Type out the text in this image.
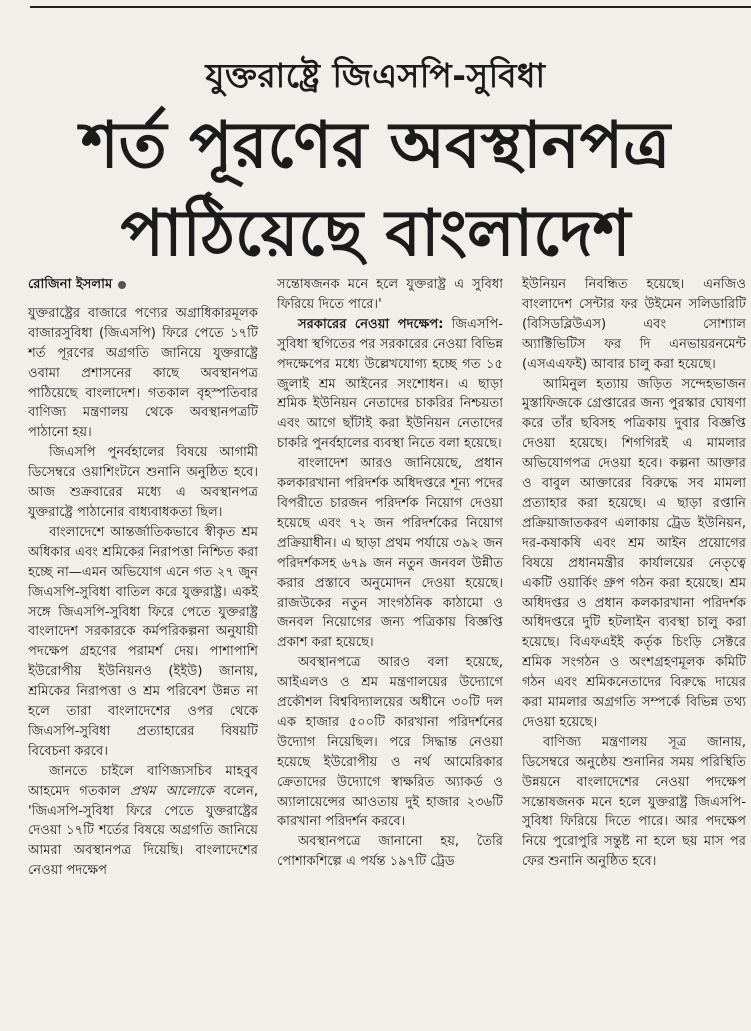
যুক্তরাষ্ট্রে জিএসপি-সুবিধা
শর্ত পূরণের অবস্থানপত্র
পাঠিয়েছে বাংলাদেশ
রোজিনা ইসলাম

যুক্তরাষ্ট্রের বাজারে পণ্যের অগ্রাধিকারমূলক বাজারসুবিধা (জিএসপি) ফিরে পেতে ১৭টি শর্ত পূরণের অগ্রগতি জানিয়ে যুক্তরাষ্ট্রে ওবামা প্রশাসনের কাছে অবস্থানপত্র পাঠিয়েছে বাংলাদেশ। গতকাল বৃহস্পতিবার বাণিজ্য মন্ত্রণালয় থেকে অবস্থানপত্রটি পাঠানো হয়।

জিএসপি পুনর্বহালের বিষয়ে আগামী ডিসেম্বরে ওয়াশিংটনে শুনানি অনুষ্ঠিত হবে। আজ শুক্রবারের মধ্যে এ অবস্থানপত্র যুক্তরাষ্ট্রে পাঠানোর বাধ্যবাধকতা ছিল।

বাংলাদেশে আন্তর্জাতিকভাবে স্বীকৃত শ্রম অধিকার এবং শ্রমিকের নিরাপত্তা নিশ্চিত করা হচ্ছে না—এমন অভিযোগ এনে গত ২৭ জুন জিএসপি-সুবিধা বাতিল করে যুক্তরাষ্ট্র। একই সঙ্গে জিএসপি-সুবিধা ফিরে পেতে যুক্তরাষ্ট্র বাংলাদেশ সরকারকে কর্মপরিকল্পনা অনুযায়ী পদক্ষেপ গ্রহণের পরামর্শ দেয়। পাশাপাশি ইউরোপীয় ইউনিয়নও (ইইউ) জানায়, শ্রমিকের নিরাপত্তা ও শ্রম পরিবেশ উন্নত না হলে তারা বাংলাদেশের ওপর থেকে জিএসপি-সুবিধা প্রত্যাহারের বিষয়টি বিবেচনা করবে।

জানতে চাইলে বাণিজ্যসচিব মাহবুব আহমেদ গতকাল প্রথম আলোকে বলেন, 'জিএসপি-সুবিধা ফিরে পেতে যুক্তরাষ্ট্রের দেওয়া ১৭টি শর্তের বিষয়ে অগ্রগতি জানিয়ে আমরা অবস্থানপত্র দিয়েছি। বাংলাদেশের নেওয়া পদক্ষেপ

সন্তোষজনক মনে হলে যুক্তরাষ্ট্র এ সুবিধা ফিরিয়ে দিতে পারে।'

সরকারের নেওয়া পদক্ষেপ: জিএসপি-সুবিধা স্থগিতের পর সরকারের নেওয়া বিভিন্ন পদক্ষেপের মধ্যে উল্লেখযোগ্য হচ্ছে গত ১৫ জুলাই শ্রম আইনের সংশোধন। এ ছাড়া শ্রমিক ইউনিয়ন নেতাদের চাকরির নিশ্চয়তা এবং আগে ছাঁটাই করা ইউনিয়ন নেতাদের চাকরি পুনর্বহালের ব্যবস্থা নিতে বলা হয়েছে।

বাংলাদেশ আরও জানিয়েছে, প্রধান কলকারখানা পরিদর্শক অধিদপ্তরে শূন্য পদের বিপরীতে চারজন পরিদর্শক নিয়োগ দেওয়া হয়েছে এবং ৭২ জন পরিদর্শকের নিয়োগ প্রক্রিয়াধীন। এ ছাড়া প্রথম পর্যায়ে ৩৯২ জন পরিদর্শকসহ ৬৭৯ জন নতুন জনবল উন্নীত করার প্রস্তাবে অনুমোদন দেওয়া হয়েছে। রাজউকের নতুন সাংগঠনিক কাঠামো ও জনবল নিয়োগের জন্য পত্রিকায় বিজ্ঞপ্তি প্রকাশ করা হয়েছে।

অবস্থানপত্রে আরও বলা হয়েছে, আইএলও ও শ্রম মন্ত্রণালয়ের উদ্যোগে প্রকৌশল বিশ্ববিদ্যালয়ের অধীনে ৩০টি দল এক হাজার ৫০০টি কারখানা পরিদর্শনের উদ্যোগ নিয়েছিল। পরে সিদ্ধান্ত নেওয়া হয়েছে ইউরোপীয় ও নর্থ আমেরিকার ক্রেতাদের উদ্যোগে স্বাক্ষরিত অ্যাকর্ড ও অ্যালায়েন্সের আওতায় দুই হাজার ২৩৬টি কারখানা পরিদর্শন করবে।

অবস্থানপত্রে জানানো হয়, তৈরি পোশাকশিল্পে এ পর্যন্ত ১৯৭টি ট্রেড

ইউনিয়ন নিবন্ধিত হয়েছে। এনজিও বাংলাদেশ সেন্টার ফর উইমেন সলিডারিটি (বিসিডব্লিউএস) এবং সোশ্যাল অ্যাক্টিভিটিস ফর দি এনভায়রনমেন্ট (এসএএফই) আবার চালু করা হয়েছে।

আমিনুল হত্যায় জড়িত সন্দেহভাজন মুস্তাফিজকে গ্রেপ্তারের জন্য পুরস্কার ঘোষণা করে তাঁর ছবিসহ পত্রিকায় দুবার বিজ্ঞপ্তি দেওয়া হয়েছে। শিগগিরই এ মামলার অভিযোগপত্র দেওয়া হবে। কল্পনা আক্তার ও বাবুল আক্তারের বিরুদ্ধে সব মামলা প্রত্যাহার করা হয়েছে। এ ছাড়া রপ্তানি প্রক্রিয়াজাতকরণ এলাকায় ট্রেড ইউনিয়ন, দর-কষাকষি এবং শ্রম আইন প্রয়োগের বিষয়ে প্রধানমন্ত্রীর কার্যালয়ের নেতৃত্বে একটি ওয়ার্কিং গ্রুপ গঠন করা হয়েছে। শ্রম অধিদপ্তর ও প্রধান কলকারখানা পরিদর্শক অধিদপ্তরে দুটি হটলাইন ব্যবস্থা চালু করা হয়েছে। বিএফএইই কর্তৃক চিংড়ি সেক্টরে শ্রমিক সংগঠন ও অংশগ্রহণমূলক কমিটি গঠন এবং শ্রমিকনেতাদের বিরুদ্ধে দায়ের করা মামলার অগ্রগতি সম্পর্কে বিভিন্ন তথ্য দেওয়া হয়েছে।

বাণিজ্য মন্ত্রণালয় সূত্র জানায়, ডিসেম্বরে অনুষ্ঠেয় শুনানির সময় পরিস্থিতি উন্নয়নে বাংলাদেশের নেওয়া পদক্ষেপ সন্তোষজনক মনে হলে যুক্তরাষ্ট্র জিএসপি-সুবিধা ফিরিয়ে দিতে পারে। আর পদক্ষেপ নিয়ে পুরোপুরি সন্তুষ্ট না হলে ছয় মাস পর ফের শুনানি অনুষ্ঠিত হবে।
